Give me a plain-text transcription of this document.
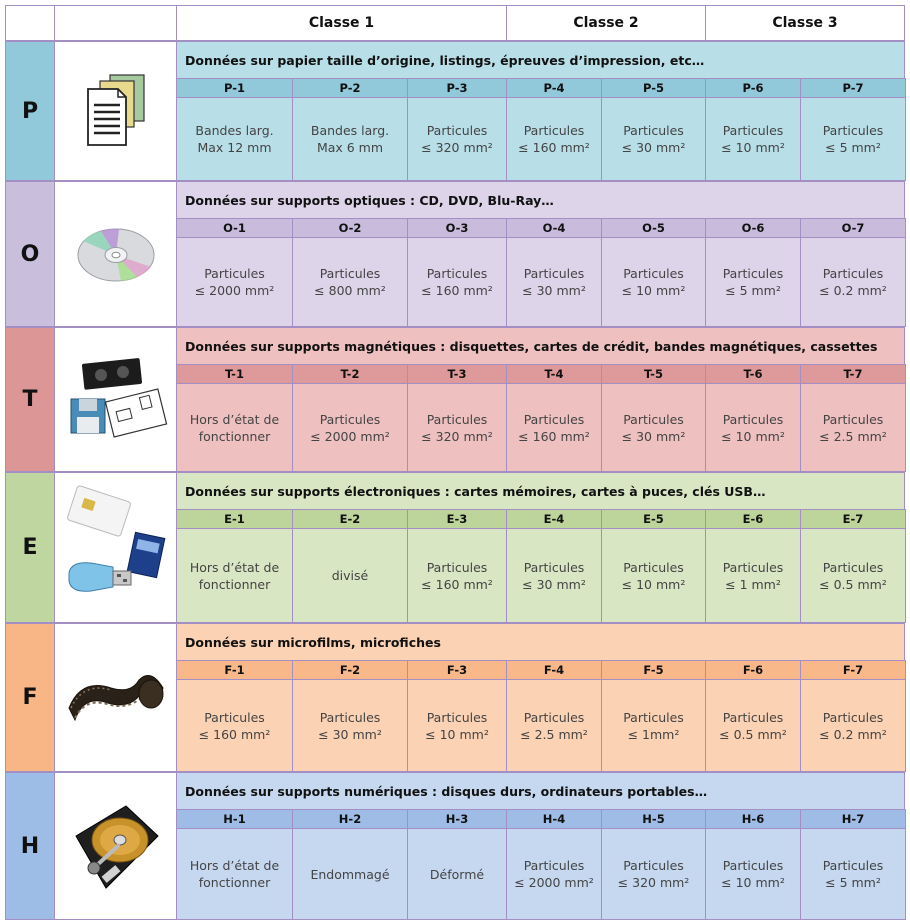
Classe 1	Classe 2	Classe 3
P
Données sur papier taille d’origine, listings, épreuves d’impression, etc…
P-1
Bandes larg.
Max 12 mm
P-2
Bandes larg.
Max 6 mm
P-3
Particules
≤ 320 mm²
P-4
Particules
≤ 160 mm²
P-5
Particules
≤ 30 mm²
P-6
Particules
≤ 10 mm²
P-7
Particules
≤ 5 mm²
O
Données sur supports optiques : CD, DVD, Blu-Ray…
O-1
Particules
≤ 2000 mm²
O-2
Particules
≤ 800 mm²
O-3
Particules
≤ 160 mm²
O-4
Particules
≤ 30 mm²
O-5
Particules
≤ 10 mm²
O-6
Particules
≤ 5 mm²
O-7
Particules
≤ 0.2 mm²
T
Données sur supports magnétiques : disquettes, cartes de crédit, bandes magnétiques, cassettes
T-1
Hors d’état de
fonctionner
T-2
Particules
≤ 2000 mm²
T-3
Particules
≤ 320 mm²
T-4
Particules
≤ 160 mm²
T-5
Particules
≤ 30 mm²
T-6
Particules
≤ 10 mm²
T-7
Particules
≤ 2.5 mm²
E
Données sur supports électroniques : cartes mémoires, cartes à puces, clés USB…
E-1
Hors d’état de
fonctionner
E-2
divisé
E-3
Particules
≤ 160 mm²
E-4
Particules
≤ 30 mm²
E-5
Particules
≤ 10 mm²
E-6
Particules
≤ 1 mm²
E-7
Particules
≤ 0.5 mm²
F
Données sur microfilms, microfiches
F-1
Particules
≤ 160 mm²
F-2
Particules
≤ 30 mm²
F-3
Particules
≤ 10 mm²
F-4
Particules
≤ 2.5 mm²
F-5
Particules
≤ 1mm²
F-6
Particules
≤ 0.5 mm²
F-7
Particules
≤ 0.2 mm²
H
Données sur supports numériques : disques durs, ordinateurs portables…
H-1
Hors d’état de
fonctionner
H-2
Endommagé
H-3
Déformé
H-4
Particules
≤ 2000 mm²
H-5
Particules
≤ 320 mm²
H-6
Particules
≤ 10 mm²
H-7
Particules
≤ 5 mm²
